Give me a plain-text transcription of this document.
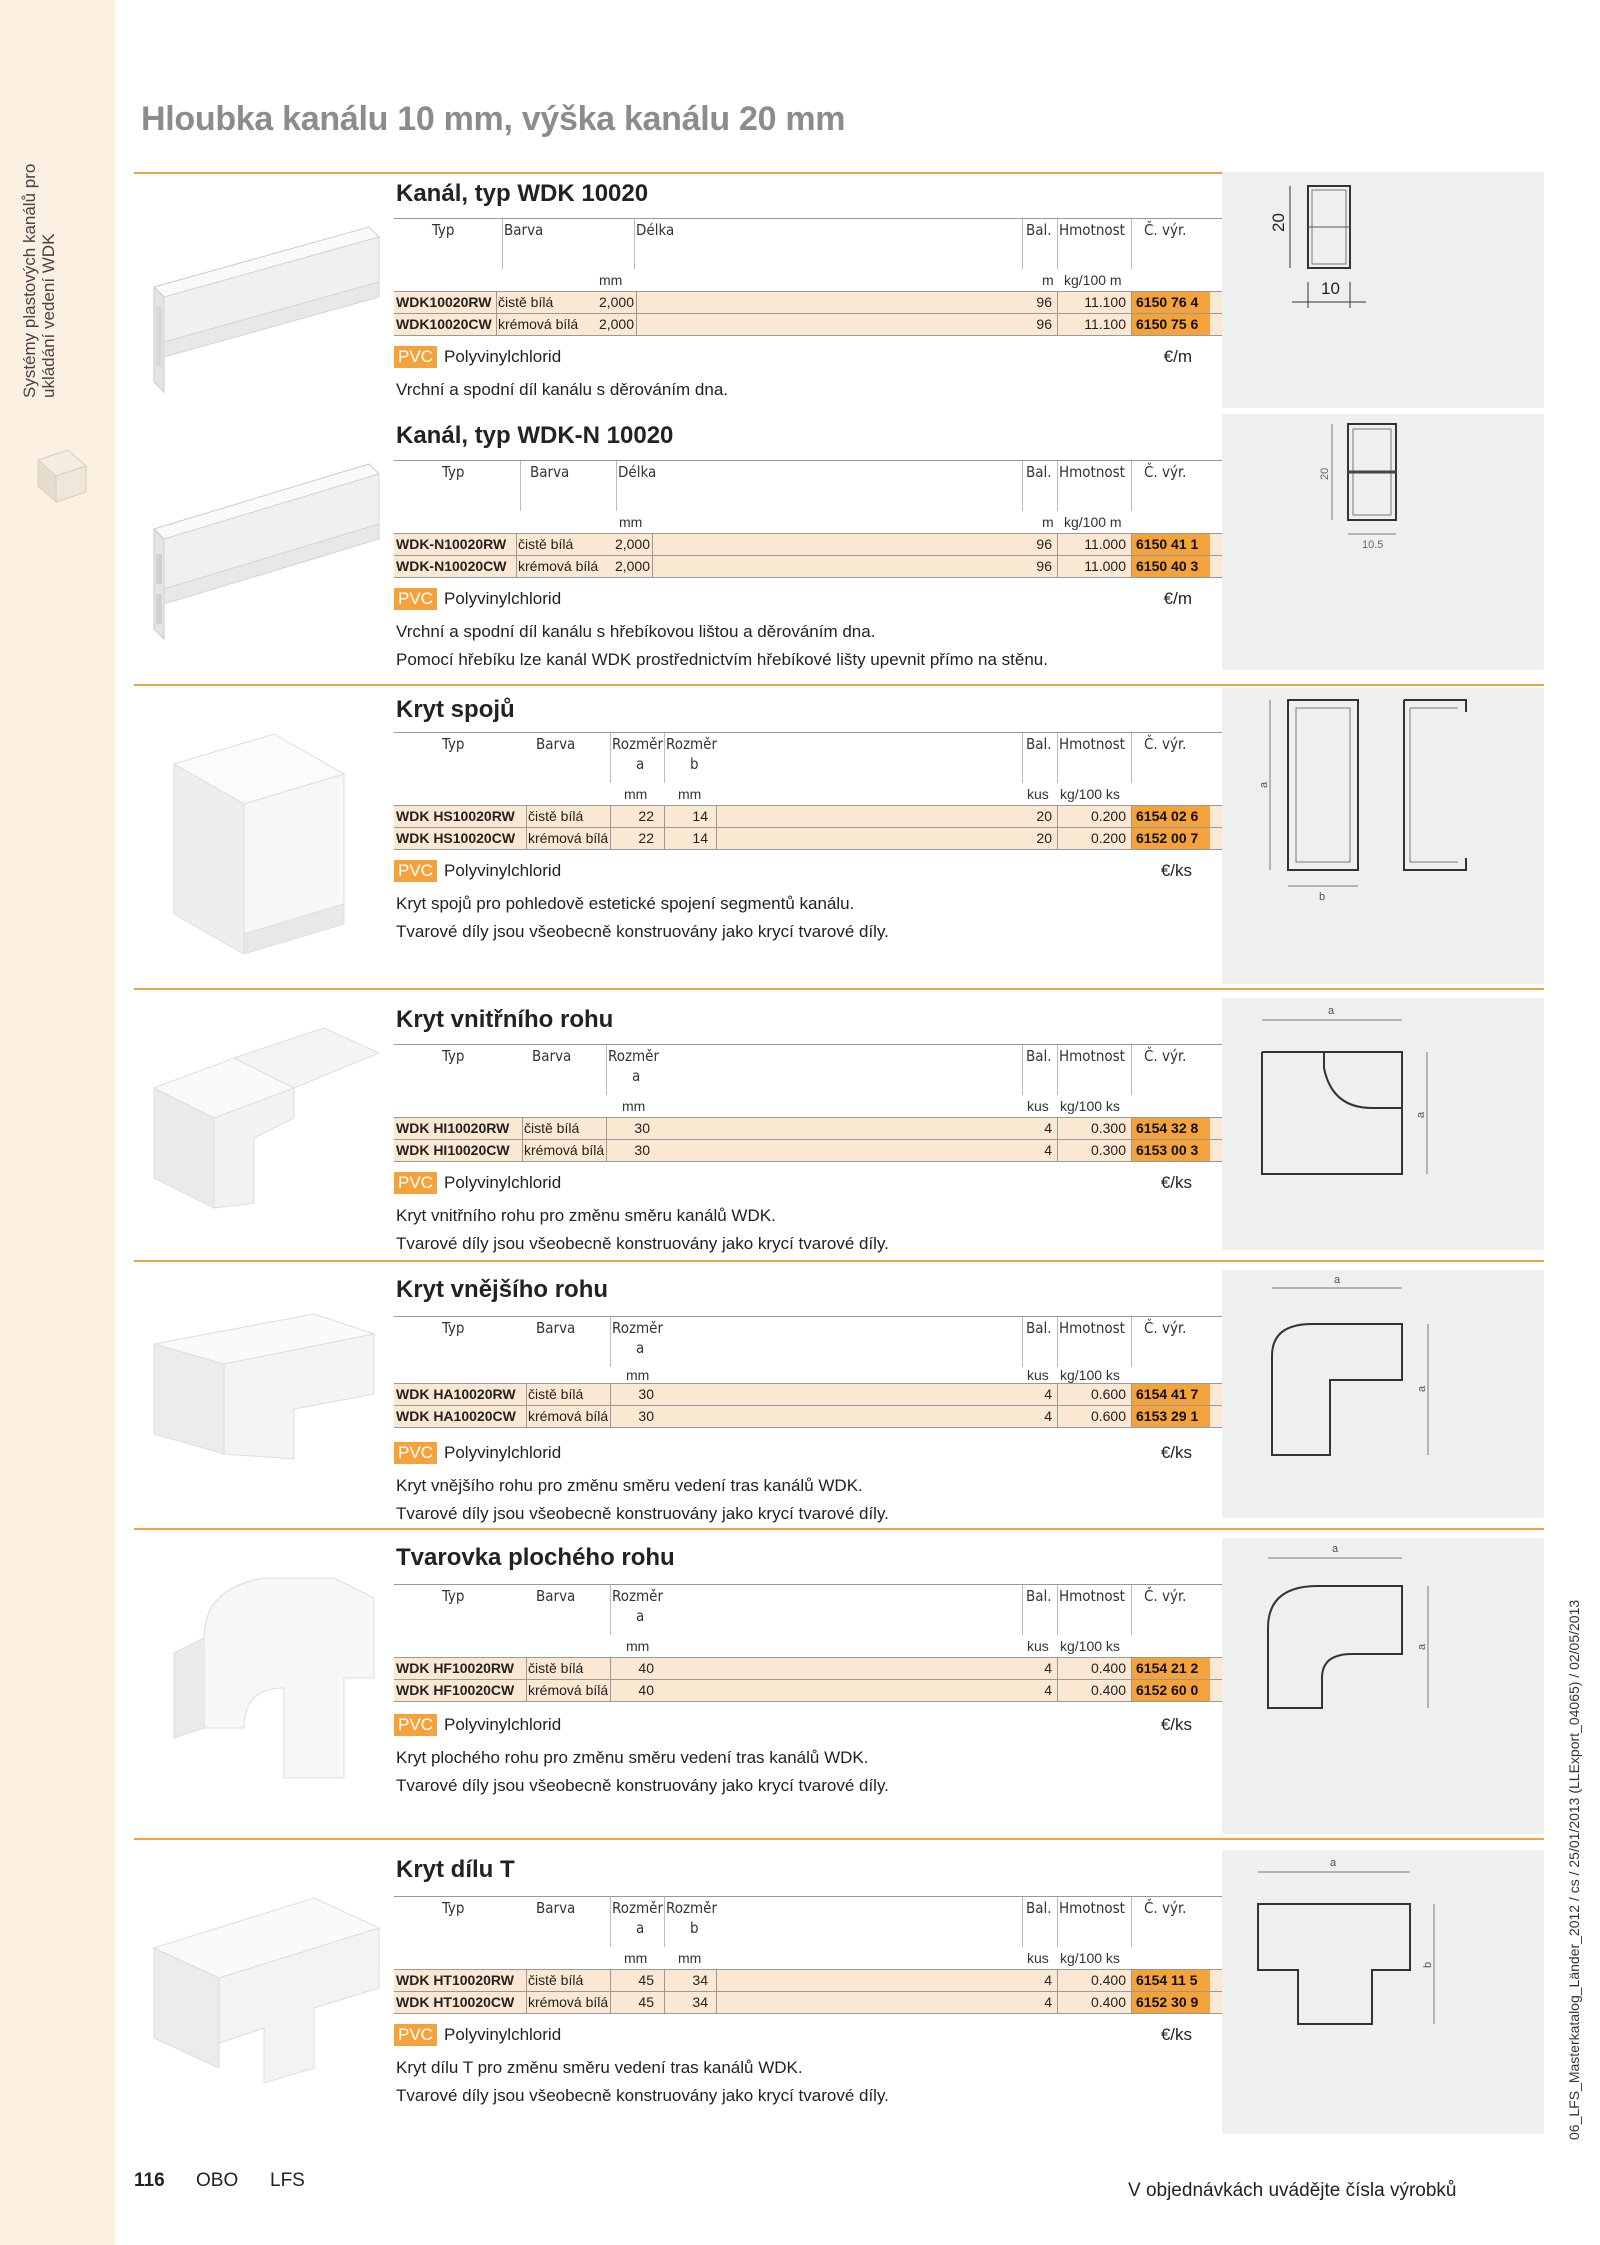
Systémy plastových kanálů pro ukládání vedení WDK
Hloubka kanálu 10 mm, výška kanálu 20 mm
06_LFS_Masterkatalog_Länder_2012 / cs / 25/01/2013 (LLExport_04065) / 02/05/2013
Kanál, typ WDK 10020
Typ	Barva	Délka	Bal. Hmotnost Č. výr.
mm	m kg/100 m
WDK10020RW čistě bílá	2,000	96	11.100 6150 76 4
WDK10020CW krémová bílá	2,000	96	11.100 6150 75 6
PVC Polyvinylchlorid	€/m
Vrchní a spodní díl kanálu s děrováním dna.
20
10
Kanál, typ WDK-N 10020
Typ	Barva	Délka	Bal. Hmotnost Č. výr.
mm	m kg/100 m
WDK-N10020RW čistě bílá	2,000	96	11.000 6150 41 1
WDK-N10020CW krémová bílá	2,000	96	11.000 6150 40 3
PVC Polyvinylchlorid	€/m
Vrchní a spodní díl kanálu s hřebíkovou lištou a děrováním dna.
Pomocí hřebíku lze kanál WDK prostřednictvím hřebíkové lišty upevnit přímo na stěnu.
20
10.5
Kryt spojů
Typ	Barva Rozměr
a
Rozměr
b
Bal. Hmotnost Č. výr.
mm mm	kus kg/100 ks
WDK HS10020RW čistě bílá	22	14	20	0.200 6154 02 6
WDK HS10020CW krémová bílá	22	14	20	0.200 6152 00 7
PVC Polyvinylchlorid	€/ks
Kryt spojů pro pohledově estetické spojení segmentů kanálu.
Tvarové díly jsou všeobecně konstruovány jako krycí tvarové díly.
a
b
Kryt vnitřního rohu
Typ	Barva Rozměr
a
Bal. Hmotnost Č. výr.
mm	kus kg/100 ks
WDK HI10020RW čistě bílá	30	4	0.300 6154 32 8
WDK HI10020CW krémová bílá	30	4	0.300 6153 00 3
PVC Polyvinylchlorid	€/ks
Kryt vnitřního rohu pro změnu směru kanálů WDK.
Tvarové díly jsou všeobecně konstruovány jako krycí tvarové díly.
a
a
Kryt vnějšího rohu
Typ	Barva Rozměr
a
Bal. Hmotnost Č. výr.
mm	kus kg/100 ks
WDK HA10020RW čistě bílá	30	4	0.600 6154 41 7
WDK HA10020CW krémová bílá	30	4	0.600 6153 29 1
PVC Polyvinylchlorid	€/ks
Kryt vnějšího rohu pro změnu směru vedení tras kanálů WDK.
Tvarové díly jsou všeobecně konstruovány jako krycí tvarové díly.
a
a
Tvarovka plochého rohu
Typ	Barva Rozměr
a
Bal. Hmotnost Č. výr.
mm	kus kg/100 ks
WDK HF10020RW čistě bílá	40	4	0.400 6154 21 2
WDK HF10020CW krémová bílá	40	4	0.400 6152 60 0
PVC Polyvinylchlorid	€/ks
Kryt plochého rohu pro změnu směru vedení tras kanálů WDK.
Tvarové díly jsou všeobecně konstruovány jako krycí tvarové díly.
a
a
Kryt dílu T
Typ	Barva Rozměr
a
Rozměr
b
Bal. Hmotnost Č. výr.
mm mm	kus kg/100 ks
WDK HT10020RW čistě bílá	45	34	4	0.400 6154 11 5
WDK HT10020CW krémová bílá	45	34	4	0.400 6152 30 9
PVC Polyvinylchlorid	€/ks
Kryt dílu T pro změnu směru vedení tras kanálů WDK.
Tvarové díly jsou všeobecně konstruovány jako krycí tvarové díly.
a
b
116 OBO LFS	V objednávkách uvádějte čísla výrobků
